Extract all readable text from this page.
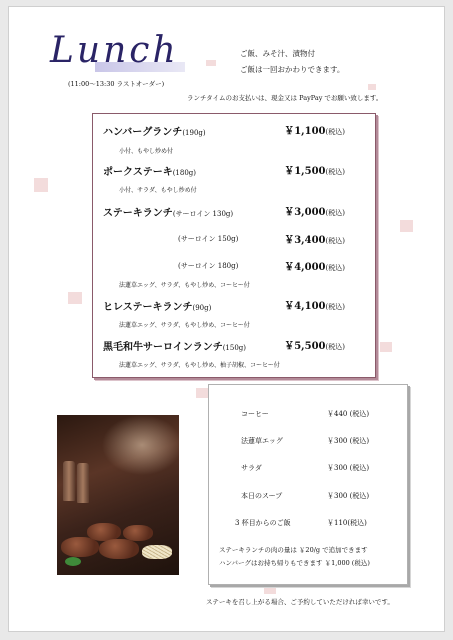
Lunch
(11:00～13:30 ラストオーダー)
ご飯、みそ汁、漬物付
ご飯は一回おかわりできます。
ランチタイムのお支払いは、現金又は PayPay でお願い致します。
ハンバーグランチ(190g)	￥1,100(税込)
小付、もやし炒め付
ポークステーキ(180g)	￥1,500(税込)
小付、サラダ、もやし炒め付
ステーキランチ(サーロイン 130g)	￥3,000(税込)
(サーロイン 150g)	￥3,400(税込)
(サーロイン 180g)	￥4,000(税込)
法蓮草エッグ、サラダ、もやし炒め、コーヒー付
ヒレステーキランチ(90g)	￥4,100(税込)
法蓮草エッグ、サラダ、もやし炒め、コーヒー付
黒毛和牛サーロインランチ(150g)	￥5,500(税込)
法蓮草エッグ、サラダ、もやし炒め、柚子胡椒、コーヒー付
コーヒー	￥440 (税込)
法蓮草エッグ	￥300 (税込)
サラダ	￥300 (税込)
本日のスープ	￥300 (税込)
3 杯目からのご飯	￥110(税込)
ステーキランチの肉の量は ￥20/g で追加できます
ハンバーグはお持ち帰りもできます ￥1,000 (税込)
ステーキを召し上がる場合、ご予約していただければ幸いです。
